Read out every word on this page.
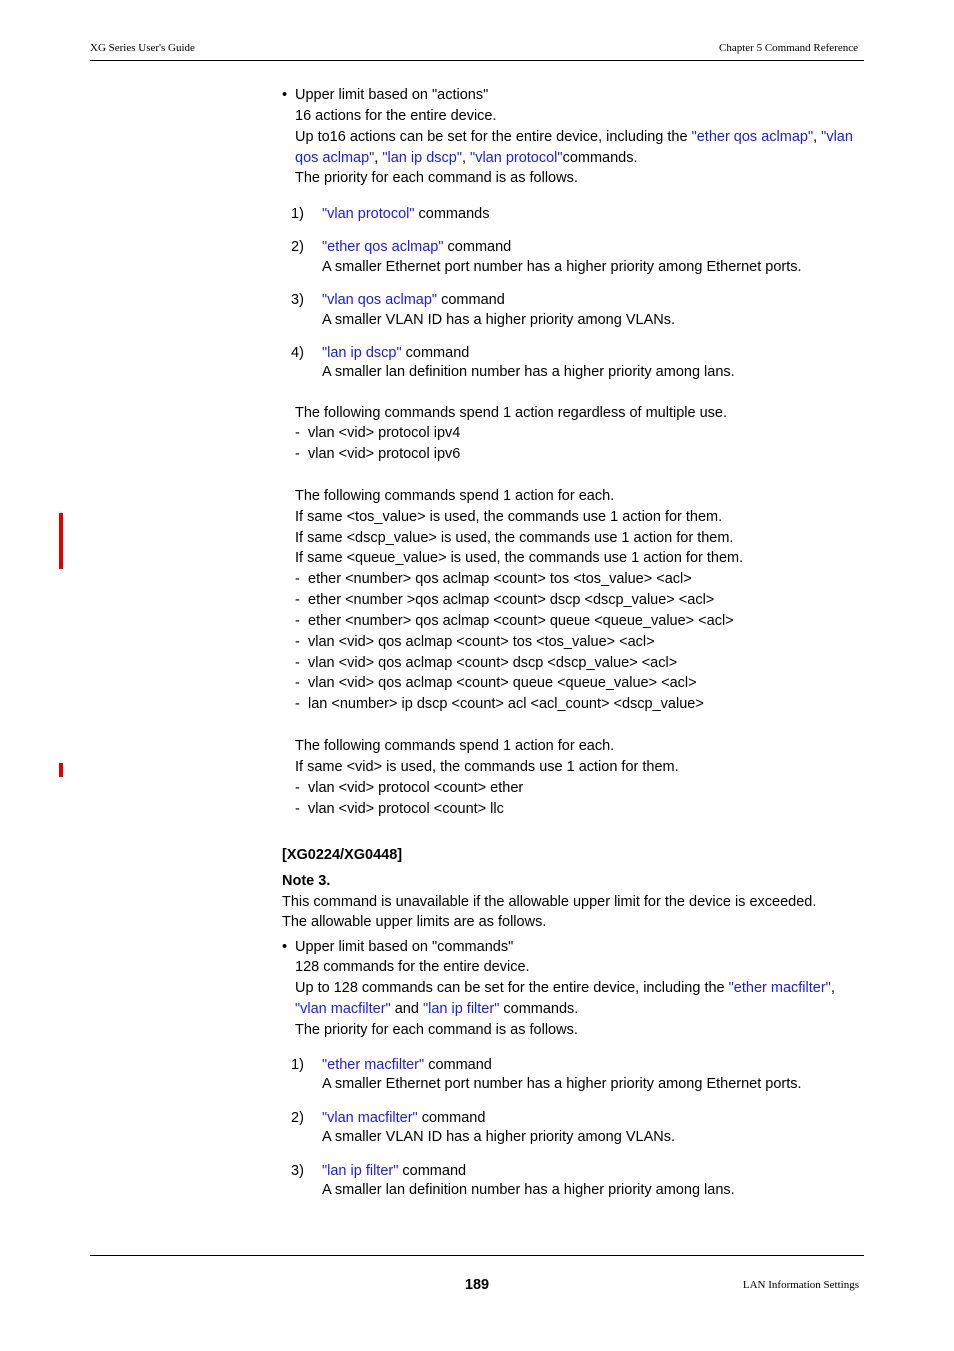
XG Series User's Guide	Chapter 5 Command Reference
• Upper limit based on "actions"
16 actions for the entire device.
Up to16 actions can be set for the entire device, including the "ether qos aclmap", "vlan
qos aclmap", "lan ip dscp", "vlan protocol"commands.
The priority for each command is as follows.
1) "vlan protocol" commands
2) "ether qos aclmap" command
A smaller Ethernet port number has a higher priority among Ethernet ports.
3) "vlan qos aclmap" command
A smaller VLAN ID has a higher priority among VLANs.
4) "lan ip dscp" command
A smaller lan definition number has a higher priority among lans.
The following commands spend 1 action regardless of multiple use.
- vlan <vid> protocol ipv4
- vlan <vid> protocol ipv6
The following commands spend 1 action for each.
If same <tos_value> is used, the commands use 1 action for them.
If same <dscp_value> is used, the commands use 1 action for them.
If same <queue_value> is used, the commands use 1 action for them.
- ether <number> qos aclmap <count> tos <tos_value> <acl>
- ether <number >qos aclmap <count> dscp <dscp_value> <acl>
- ether <number> qos aclmap <count> queue <queue_value> <acl>
- vlan <vid> qos aclmap <count> tos <tos_value> <acl>
- vlan <vid> qos aclmap <count> dscp <dscp_value> <acl>
- vlan <vid> qos aclmap <count> queue <queue_value> <acl>
- lan <number> ip dscp <count> acl <acl_count> <dscp_value>
The following commands spend 1 action for each.
If same <vid> is used, the commands use 1 action for them.
- vlan <vid> protocol <count> ether
- vlan <vid> protocol <count> llc
[XG0224/XG0448]
Note 3.
This command is unavailable if the allowable upper limit for the device is exceeded.
The allowable upper limits are as follows.
• Upper limit based on "commands"
128 commands for the entire device.
Up to 128 commands can be set for the entire device, including the "ether macfilter",
"vlan macfilter" and "lan ip filter" commands.
The priority for each command is as follows.
1) "ether macfilter" command
A smaller Ethernet port number has a higher priority among Ethernet ports.
2) "vlan macfilter" command
A smaller VLAN ID has a higher priority among VLANs.
3) "lan ip filter" command
A smaller lan definition number has a higher priority among lans.
189	LAN Information Settings
